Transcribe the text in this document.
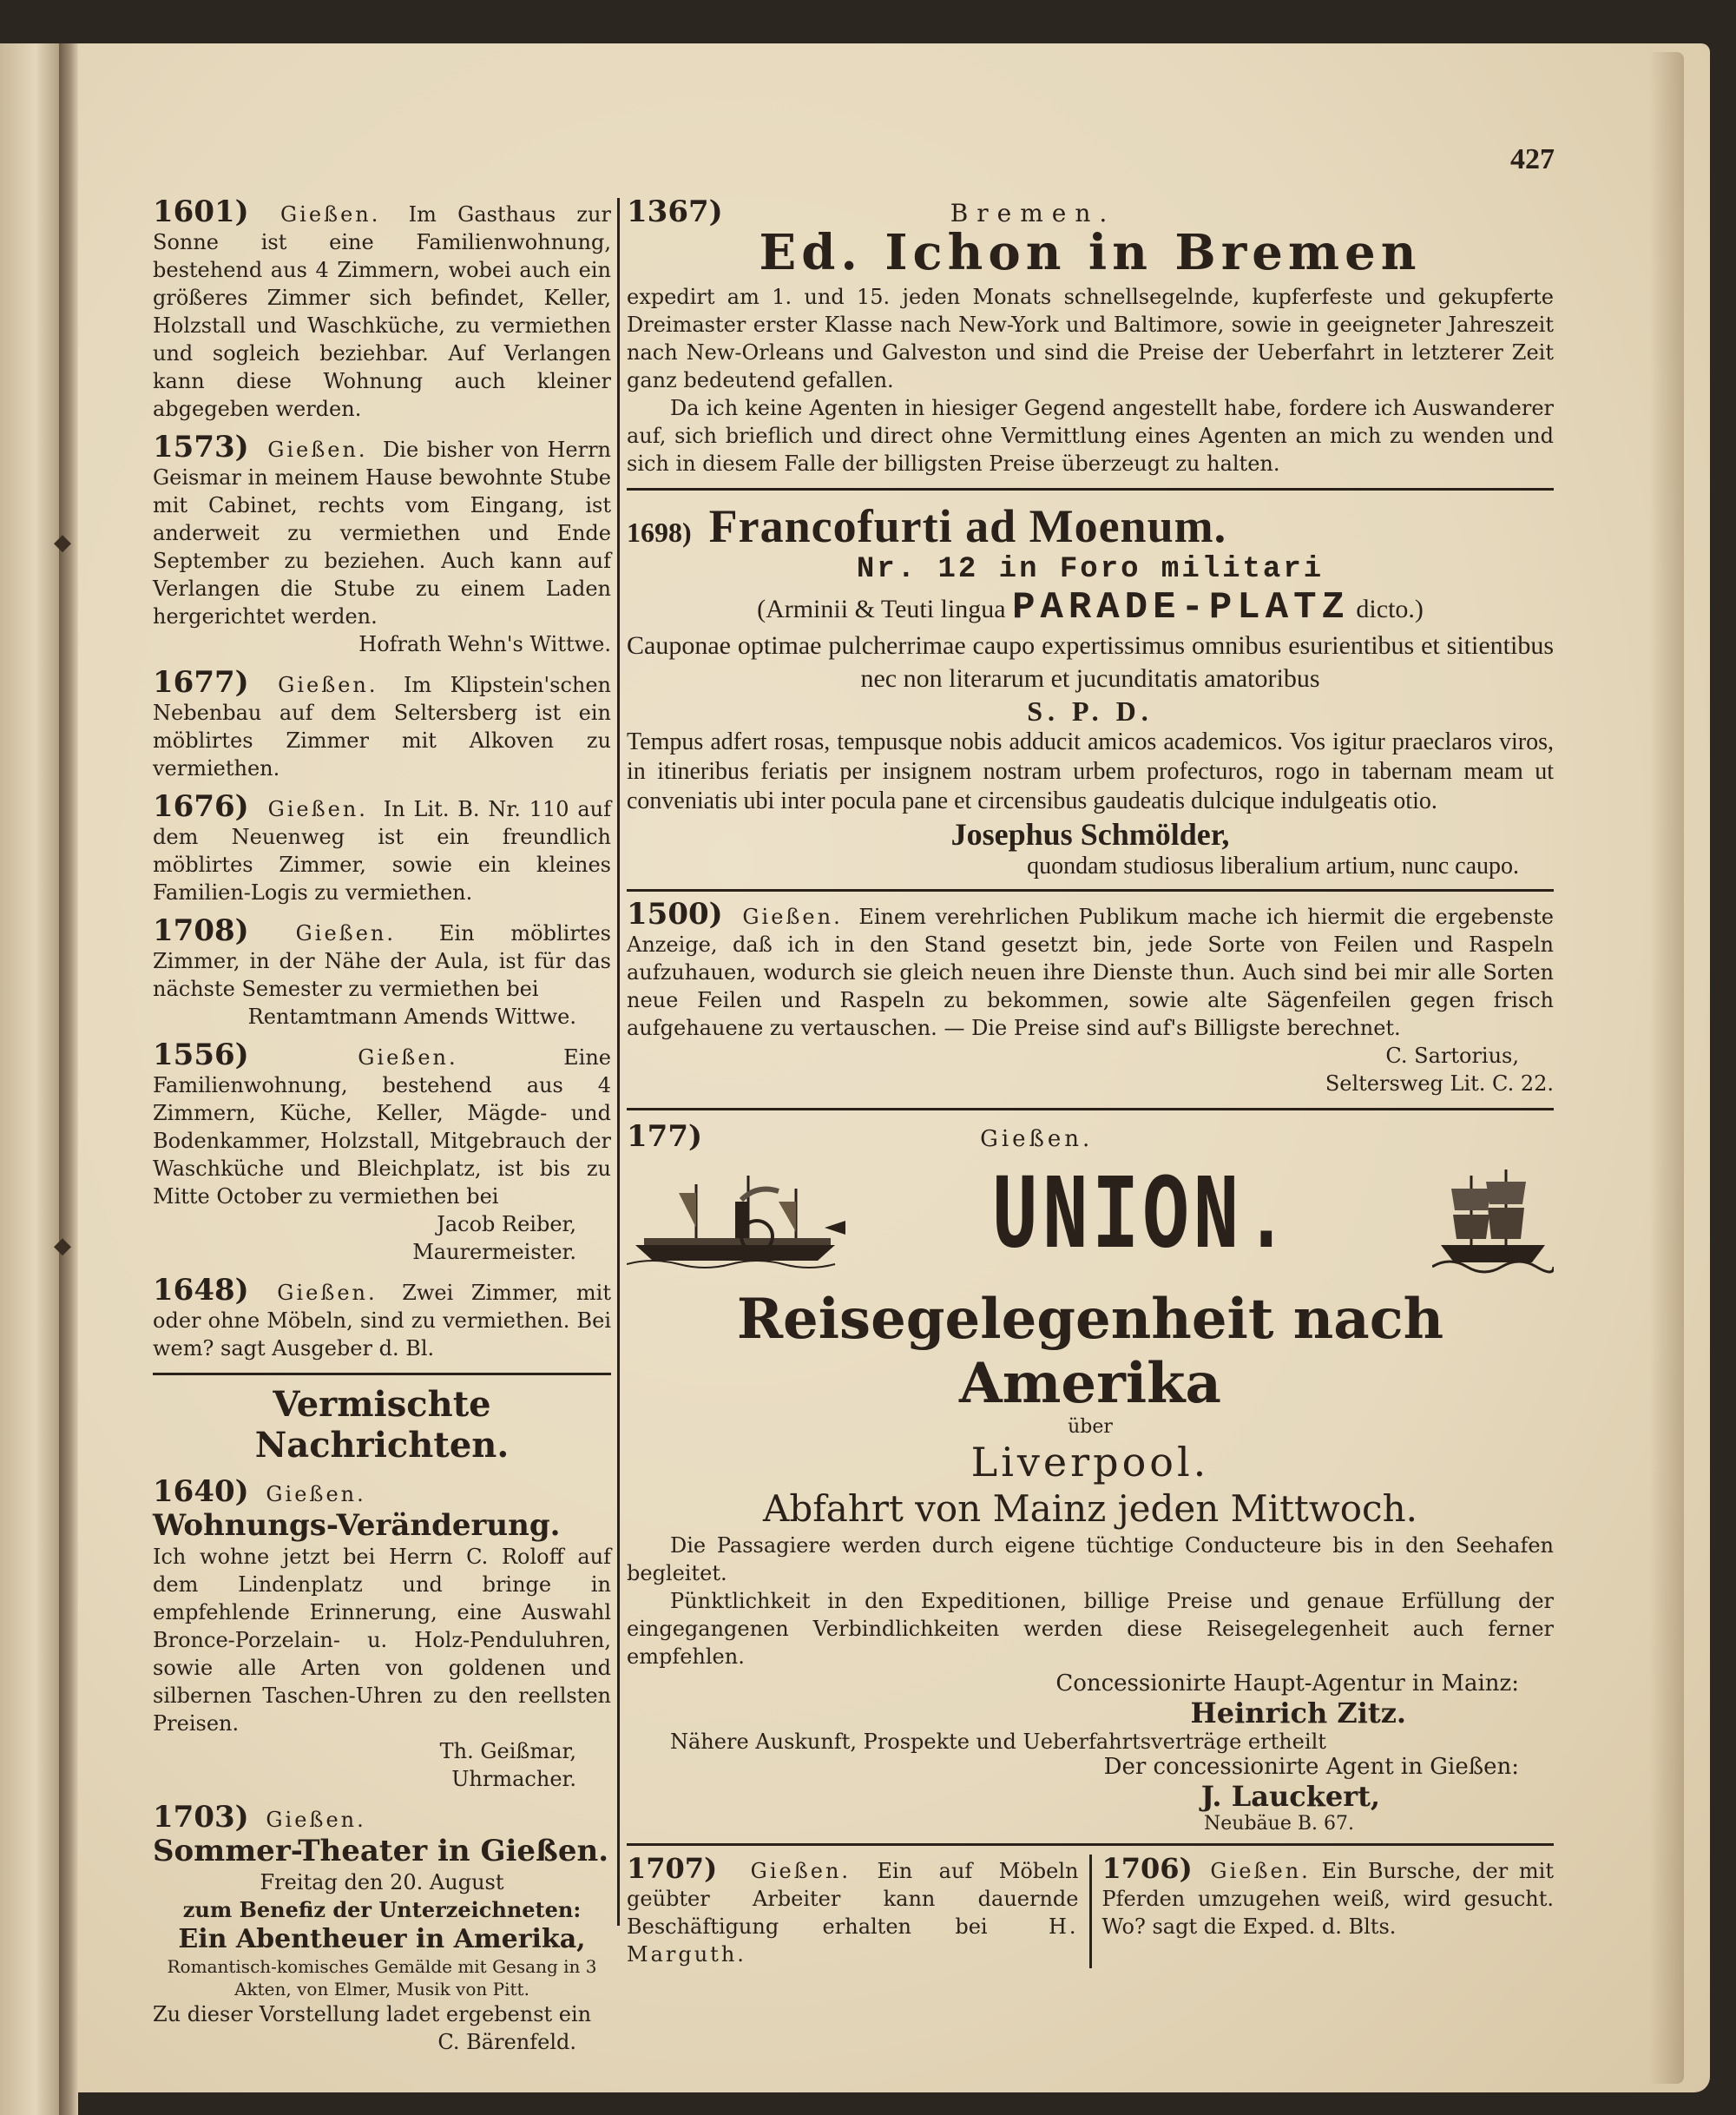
427
1601) Gießen. Im Gasthaus zur Sonne ist eine Familienwohnung, bestehend aus 4 Zimmern, wobei auch ein größeres Zimmer sich befindet, Keller, Holzstall und Waschküche, zu vermiethen und sogleich beziehbar. Auf Verlangen kann diese Wohnung auch kleiner abgegeben werden.
1573) Gießen. Die bisher von Herrn Geismar in meinem Hause bewohnte Stube mit Cabinet, rechts vom Eingang, ist anderweit zu vermiethen und Ende September zu beziehen. Auch kann auf Verlangen die Stube zu einem Laden hergerichtet werden.
Hofrath Wehn's Wittwe.
1677) Gießen. Im Klipstein'schen Nebenbau auf dem Seltersberg ist ein möblirtes Zimmer mit Alkoven zu vermiethen.
1676) Gießen. In Lit. B. Nr. 110 auf dem Neuenweg ist ein freundlich möblirtes Zimmer, sowie ein kleines Familien-Logis zu vermiethen.
1708) Gießen. Ein möblirtes Zimmer, in der Nähe der Aula, ist für das nächste Semester zu vermiethen bei
Rentamtmann Amends Wittwe.
1556)	Gießen.	Eine Familienwohnung, bestehend aus 4 Zimmern, Küche, Keller, Mägde- und Bodenkammer, Holzstall, Mitgebrauch der Waschküche und Bleichplatz, ist bis zu Mitte October zu vermiethen bei
Jacob Reiber,
Maurermeister.
1648) Gießen. Zwei Zimmer, mit oder ohne Möbeln, sind zu vermiethen. Bei wem? sagt Ausgeber d. Bl.
Vermischte Nachrichten.
1640) Gießen.
Wohnungs-Veränderung.
Ich wohne jetzt bei Herrn C. Roloff auf dem Lindenplatz und bringe in empfehlende Erinnerung, eine Auswahl Bronce-Porzelain- u. Holz-Penduluhren, sowie alle Arten von goldenen und silbernen Taschen-Uhren zu den reellsten Preisen.
Th. Geißmar,
Uhrmacher.
1703) Gießen.
Sommer-Theater in Gießen.
Freitag den 20. August
zum Benefiz der Unterzeichneten:
Ein Abentheuer in Amerika,
Romantisch-komisches Gemälde mit Gesang in 3 Akten, von Elmer, Musik von Pitt.
Zu dieser Vorstellung ladet ergebenst ein
C. Bärenfeld.
1367)	Bremen.
Ed. Ichon in Bremen
expedirt am 1. und 15. jeden Monats schnellsegelnde, kupferfeste und gekupferte Dreimaster erster Klasse nach New-York und Baltimore, sowie in geeigneter Jahreszeit nach New-Orleans und Galveston und sind die Preise der Ueberfahrt in letzterer Zeit ganz bedeutend gefallen.
Da ich keine Agenten in hiesiger Gegend angestellt habe, fordere ich Auswanderer auf, sich brieflich und direct ohne Vermittlung eines Agenten an mich zu wenden und sich in diesem Falle der billigsten Preise überzeugt zu halten.
1698) Francofurti ad Moenum.
Nr. 12 in Foro militari
(Arminii & Teuti lingua PARADE-PLATZ dicto.)
Cauponae optimae pulcherrimae caupo expertissimus omnibus esurientibus et sitientibus nec non literarum et jucunditatis amatoribus
S. P. D.
Tempus adfert rosas, tempusque nobis adducit amicos academicos. Vos igitur praeclaros viros, in itineribus feriatis per insignem nostram urbem profecturos, rogo in tabernam meam ut conveniatis ubi inter pocula pane et circensibus gaudeatis dulcique indulgeatis otio.
Josephus Schmölder,
quondam studiosus liberalium artium, nunc caupo.
1500) Gießen. Einem verehrlichen Publikum mache ich hiermit die ergebenste Anzeige, daß ich in den Stand gesetzt bin, jede Sorte von Feilen und Raspeln aufzuhauen, wodurch sie gleich neuen ihre Dienste thun. Auch sind bei mir alle Sorten neue Feilen und Raspeln zu bekommen, sowie alte Sägenfeilen gegen frisch aufgehauene zu vertauschen. — Die Preise sind auf's Billigste berechnet.
C. Sartorius,
Seltersweg Lit. C. 22.
177)	Gießen.
UNION.
Reisegelegenheit nach Amerika
über
Liverpool.
Abfahrt von Mainz jeden Mittwoch.
Die Passagiere werden durch eigene tüchtige Conducteure bis in den Seehafen begleitet.
Pünktlichkeit in den Expeditionen, billige Preise und genaue Erfüllung der eingegangenen Verbindlichkeiten werden diese Reisegelegenheit auch ferner empfehlen.
Concessionirte Haupt-Agentur in Mainz:
Heinrich Zitz.
Nähere Auskunft, Prospekte und Ueberfahrtsverträge ertheilt
Der concessionirte Agent in Gießen:
J. Lauckert,
Neubäue B. 67.
1707) Gießen. Ein auf Möbeln geübter Arbeiter kann dauernde Beschäftigung erhalten bei	H. Marguth.
1706) Gießen. Ein Bursche, der mit Pferden umzugehen weiß, wird gesucht. Wo? sagt die Exped. d. Blts.
◆
◆
